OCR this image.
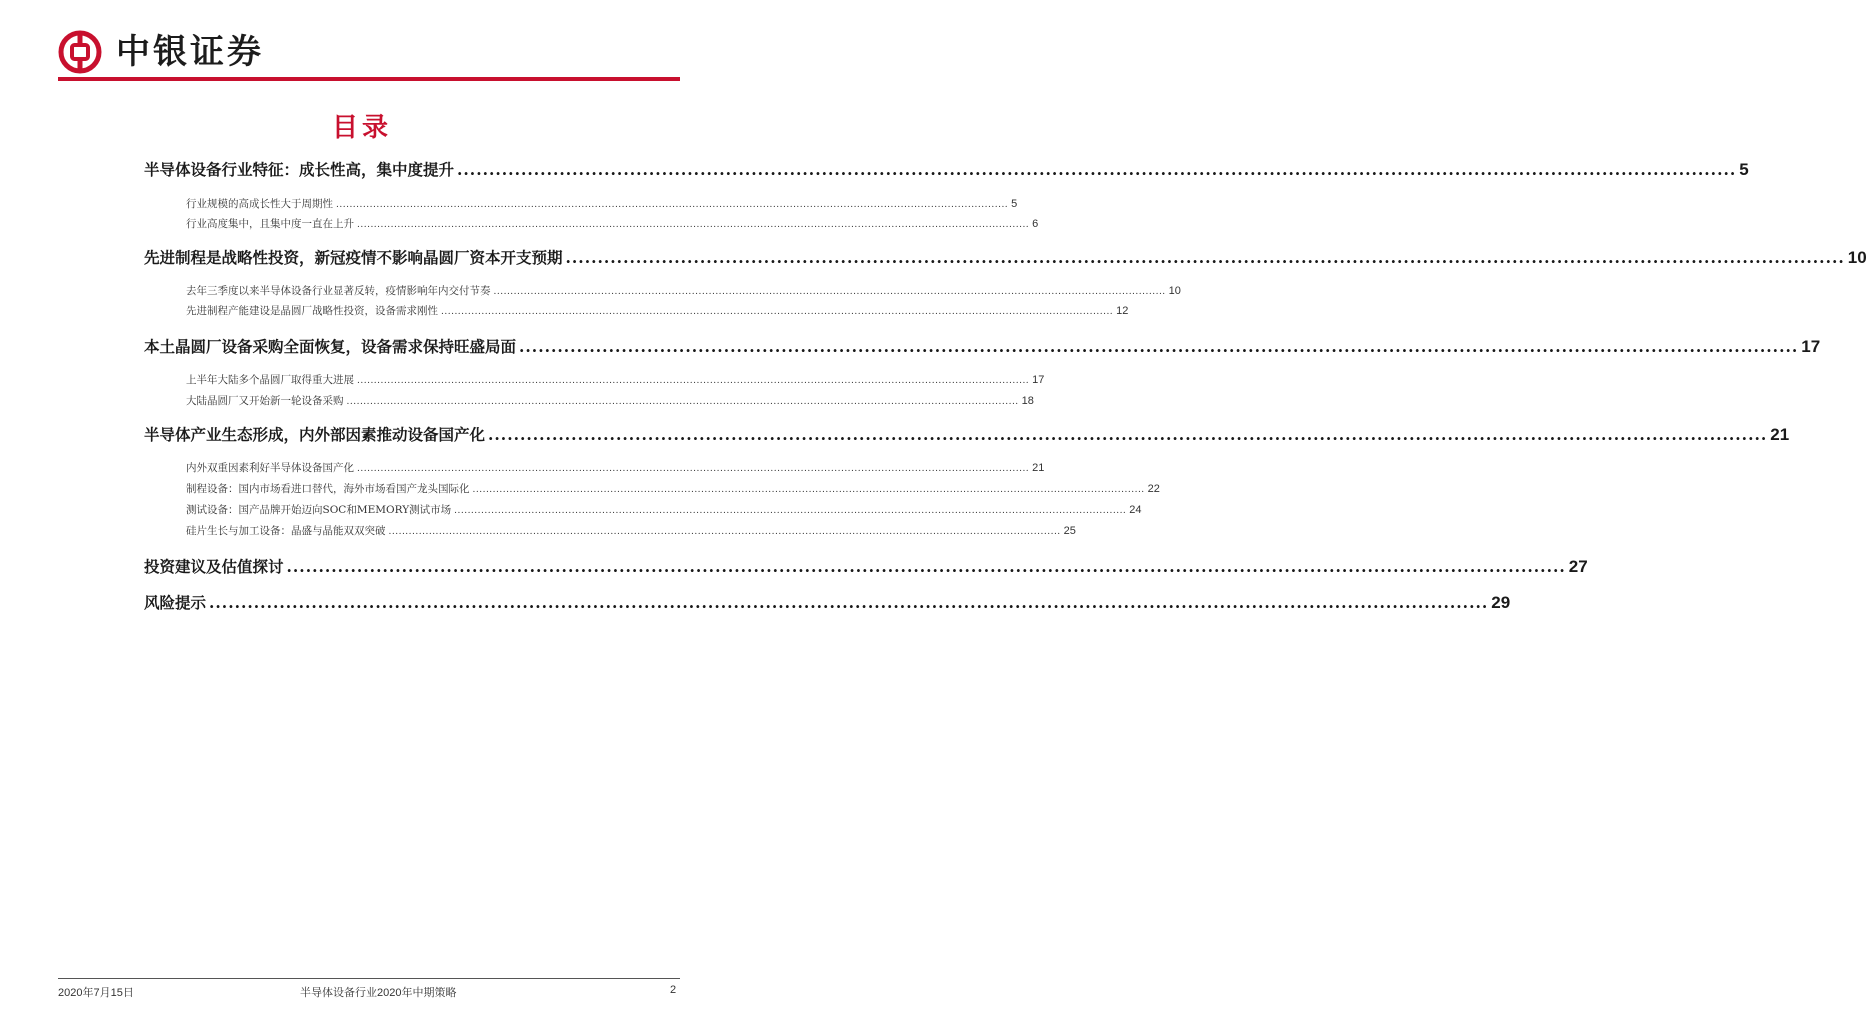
中银证券
目录
半导体设备行业特征：成长性高，集中度提升 ........................................................................................................................................................................................................ 5
行业规模的高成长性大于周期性 ........................................................................................................................................................................................................ 5
行业高度集中，且集中度一直在上升 ........................................................................................................................................................................................................ 6
先进制程是战略性投资，新冠疫情不影响晶圆厂资本开支预期 ........................................................................................................................................................................................................ 10
去年三季度以来半导体设备行业显著反转，疫情影响年内交付节奏 ........................................................................................................................................................................................................ 10
先进制程产能建设是晶圆厂战略性投资，设备需求刚性 ........................................................................................................................................................................................................ 12
本土晶圆厂设备采购全面恢复，设备需求保持旺盛局面 ........................................................................................................................................................................................................ 17
上半年大陆多个晶圆厂取得重大进展 ........................................................................................................................................................................................................ 17
大陆晶圆厂又开始新一轮设备采购 ........................................................................................................................................................................................................ 18
半导体产业生态形成，内外部因素推动设备国产化 ........................................................................................................................................................................................................ 21
内外双重因素利好半导体设备国产化 ........................................................................................................................................................................................................ 21
制程设备：国内市场看进口替代，海外市场看国产龙头国际化 ........................................................................................................................................................................................................ 22
测试设备：国产品牌开始迈向SOC和MEMORY测试市场 ........................................................................................................................................................................................................ 24
硅片生长与加工设备：晶盛与晶能双双突破 ........................................................................................................................................................................................................ 25
投资建议及估值探讨 ........................................................................................................................................................................................................ 27
风险提示 ........................................................................................................................................................................................................ 29
2020年7月15日	半导体设备行业2020年中期策略	2
